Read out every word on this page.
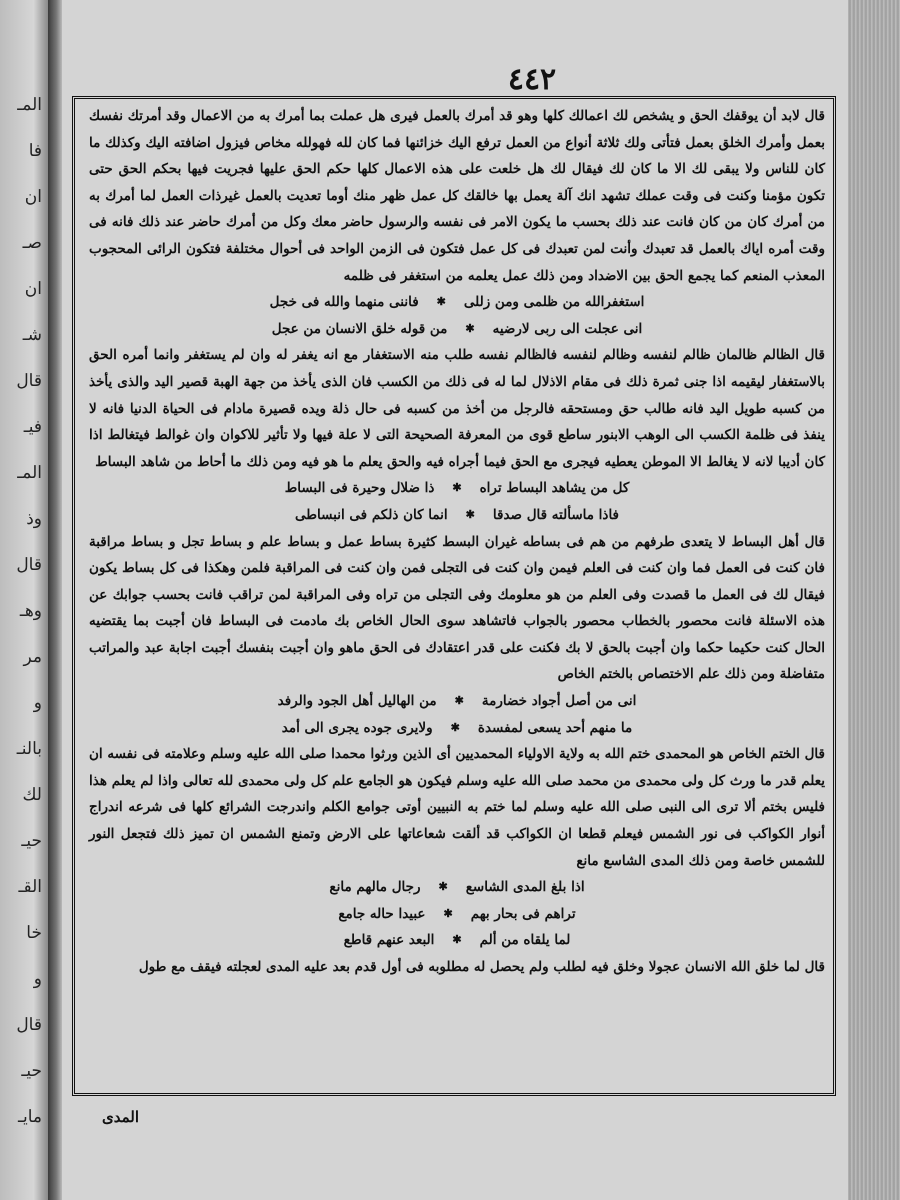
المـ
فا
ان
صـ
ان
شـ
قال
فيـ
المـ
وذ
قال
وهـ
مر
و
بالنـ
لك
حيـ
القـ
خا
و
قال
حيـ
مايـ
٤٤٢

قال لابد أن يوقفك الحق و يشخص لك اعمالك كلها وهو قد أمرك بالعمل فيرى هل عملت بما أمرك به من الاعمال وقد أمرتك نفسك بعمل وأمرك الخلق بعمل فتأتى ولك ثلاثة أنواع من العمل ترفع اليك خزائنها فما كان لله فهولله مخاص فيزول اضافته اليك وكذلك ما كان للناس ولا يبقى لك الا ما كان لك فيقال لك هل خلعت على هذه الاعمال كلها حكم الحق عليها فجريت فيها بحكم الحق حتى تكون مؤمنا وكنت فى وقت عملك تشهد انك آلة يعمل بها خالقك كل عمل ظهر منك أوما تعديت بالعمل غيرذات العمل لما أمرك به من أمرك كان من كان فانت عند ذلك بحسب ما يكون الامر فى نفسه والرسول حاضر معك وكل من أمرك حاضر عند ذلك فانه فى وقت أمره اياك بالعمل قد تعبدك وأنت لمن تعبدك فى كل عمل فتكون فى الزمن الواحد فى أحوال مختلفة فتكون الرائى المحجوب المعذب المنعم كما يجمع الحق بين الاضداد ومن ذلك عمل يعلمه من استغفر فى ظلمه

استغفرالله من ظلمى ومن زللى
✱
فاننى منهما والله فى خجل
انى عجلت الى ربى لارضيه
✱
من قوله خلق الانسان من عجل

قال الظالم ظالمان ظالم لنفسه وظالم لنفسه فالظالم نفسه طلب منه الاستغفار مع انه يغفر له وان لم يستغفر وانما أمره الحق بالاستغفار ليقيمه اذا جنى ثمرة ذلك فى مقام الاذلال لما له فى ذلك من الكسب فان الذى يأخذ من جهة الهبة قصير اليد والذى يأخذ من كسبه طويل اليد فانه طالب حق ومستحقه فالرجل من أخذ من كسبه فى حال ذلة ويده قصيرة مادام فى الحياة الدنيا فانه لا ينفذ فى ظلمة الكسب الى الوهب الابنور ساطع قوى من المعرفة الصحيحة التى لا علة فيها ولا تأثير للاكوان وان غوالط فيتغالط اذا كان أديبا لانه لا يغالط الا الموطن يعطيه فيجرى مع الحق فيما أجراه فيه والحق يعلم ما هو فيه ومن ذلك ما أحاط من شاهد البساط

كل من يشاهد البساط تراه
✱
ذا ضلال وحيرة فى البساط
فاذا ماسألته قال صدقا
✱
انما كان ذلكم فى انبساطى

قال أهل البساط لا يتعدى طرفهم من هم فى بساطه غيران البسط كثيرة بساط عمل و بساط علم و بساط تجل و بساط مراقبة فان كنت فى العمل فما وان كنت فى العلم فيمن وان كنت فى التجلى فمن وان كنت فى المراقبة فلمن وهكذا فى كل بساط يكون فيقال لك فى العمل ما قصدت وفى العلم من هو معلومك وفى التجلى من تراه وفى المراقبة لمن تراقب فانت بحسب جوابك عن هذه الاسئلة فانت محصور بالخطاب محصور بالجواب فاتشاهد سوى الحال الخاص بك مادمت فى البساط فان أجبت بما يقتضيه الحال كنت حكيما حكما وان أجبت بالحق لا بك فكنت على قدر اعتقادك فى الحق ماهو وان أجبت بنفسك أجبت اجابة عبد والمراتب متفاضلة ومن ذلك علم الاختصاص بالختم الخاص

انى من أصل أجواد خضارمة
✱
من الهاليل أهل الجود والرفد
ما منهم أحد يسعى لمفسدة
✱
ولايرى جوده يجرى الى أمد

قال الختم الخاص هو المحمدى ختم الله به ولاية الاولياء المحمديين أى الذين ورثوا محمدا صلى الله عليه وسلم وعلامته فى نفسه ان يعلم قدر ما ورث كل ولى محمدى من محمد صلى الله عليه وسلم فيكون هو الجامع علم كل ولى محمدى لله تعالى واذا لم يعلم هذا فليس بختم ألا ترى الى النبى صلى الله عليه وسلم لما ختم به النبيين أوتى جوامع الكلم واندرجت الشرائع كلها فى شرعه اندراج أنوار الكواكب فى نور الشمس فيعلم قطعا ان الكواكب قد ألقت شعاعاتها على الارض وتمنع الشمس ان تميز ذلك فتجعل النور للشمس خاصة ومن ذلك المدى الشاسع مانع

اذا بلغ المدى الشاسع
✱
رجال مالهم مانع
تراهم فى بحار بهم
✱
عبيدا حاله جامع
لما يلقاه من ألم
✱
البعد عنهم قاطع

قال لما خلق الله الانسان عجولا وخلق فيه لطلب ولم يحصل له مطلوبه فى أول قدم بعد عليه المدى لعجلته فيقف مع طول

المدى
